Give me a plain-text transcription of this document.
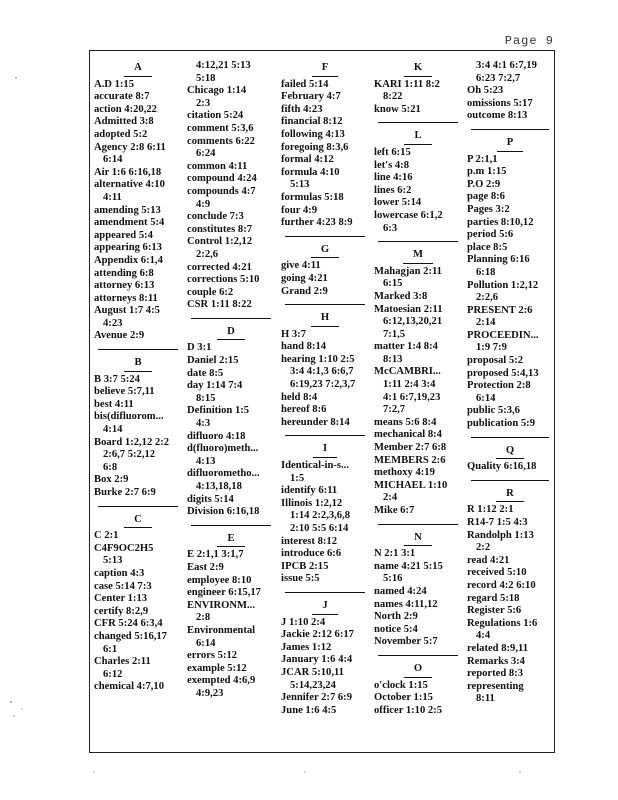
Page 9
A
A.D 1:15
accurate 8:7
action 4:20,22
Admitted 3:8
adopted 5:2
Agency 2:8 6:11
6:14
Air 1:6 6:16,18
alternative 4:10
4:11
amending 5:13
amendment 5:4
appeared 5:4
appearing 6:13
Appendix 6:1,4
attending 6:8
attorney 6:13
attorneys 8:11
August 1:7 4:5
4:23
Avenue 2:9
B
B 3:7 5:24
believe 5:7,11
best 4:11
bis(difluorom...
4:14
Board 1:2,12 2:2
2:6,7 5:2,12
6:8
Box 2:9
Burke 2:7 6:9
C
C 2:1
C4F9OC2H5
5:13
caption 4:3
case 5:14 7:3
Center 1:13
certify 8:2,9
CFR 5:24 6:3,4
changed 5:16,17
6:1
Charles 2:11
6:12
chemical 4:7,10
4:12,21 5:13
5:18
Chicago 1:14
2:3
citation 5:24
comment 5:3,6
comments 6:22
6:24
common 4:11
compound 4:24
compounds 4:7
4:9
conclude 7:3
constitutes 8:7
Control 1:2,12
2:2,6
corrected 4:21
corrections 5:10
couple 6:2
CSR 1:11 8:22
D
D 3:1
Daniel 2:15
date 8:5
day 1:14 7:4
8:15
Definition 1:5
4:3
difluoro 4:18
d(fluoro)meth...
4:13
difluorometho...
4:13,18,18
digits 5:14
Division 6:16,18
E
E 2:1,1 3:1,7
East 2:9
employee 8:10
engineer 6:15,17
ENVIRONM...
2:8
Environmental
6:14
errors 5:12
example 5:12
exempted 4:6,9
4:9,23
F
failed 5:14
February 4:7
fifth 4:23
financial 8:12
following 4:13
foregoing 8:3,6
formal 4:12
formula 4:10
5:13
formulas 5:18
four 4:9
further 4:23 8:9
G
give 4:11
going 4:21
Grand 2:9
H
H 3:7
hand 8:14
hearing 1:10 2:5
3:4 4:1,3 6:6,7
6:19,23 7:2,3,7
held 8:4
hereof 8:6
hereunder 8:14
I
Identical-in-s...
1:5
identify 6:11
Illinois 1:2,12
1:14 2:2,3,6,8
2:10 5:5 6:14
interest 8:12
introduce 6:6
IPCB 2:15
issue 5:5
J
J 1:10 2:4
Jackie 2:12 6:17
James 1:12
January 1:6 4:4
JCAR 5:10,11
5:14,23,24
Jennifer 2:7 6:9
June 1:6 4:5
K
KARI 1:11 8:2
8:22
know 5:21
L
left 6:15
let's 4:8
line 4:16
lines 6:2
lower 5:14
lowercase 6:1,2
6:3
M
Mahagjan 2:11
6:15
Marked 3:8
Matoesian 2:11
6:12,13,20,21
7:1,5
matter 1:4 8:4
8:13
McCAMBRI...
1:11 2:4 3:4
4:1 6:7,19,23
7:2,7
means 5:6 8:4
mechanical 8:4
Member 2:7 6:8
MEMBERS 2:6
methoxy 4:19
MICHAEL 1:10
2:4
Mike 6:7
N
N 2:1 3:1
name 4:21 5:15
5:16
named 4:24
names 4:11,12
North 2:9
notice 5:4
November 5:7
O
o'clock 1:15
October 1:15
officer 1:10 2:5
3:4 4:1 6:7,19
6:23 7:2,7
Oh 5:23
omissions 5:17
outcome 8:13
P
P 2:1,1
p.m 1:15
P.O 2:9
page 8:6
Pages 3:2
parties 8:10,12
period 5:6
place 8:5
Planning 6:16
6:18
Pollution 1:2,12
2:2,6
PRESENT 2:6
2:14
PROCEEDIN...
1:9 7:9
proposal 5:2
proposed 5:4,13
Protection 2:8
6:14
public 5:3,6
publication 5:9
Q
Quality 6:16,18
R
R 1:12 2:1
R14-7 1:5 4:3
Randolph 1:13
2:2
read 4:21
received 5:10
record 4:2 6:10
regard 5:18
Register 5:6
Regulations 1:6
4:4
related 8:9,11
Remarks 3:4
reported 8:3
representing
8:11
